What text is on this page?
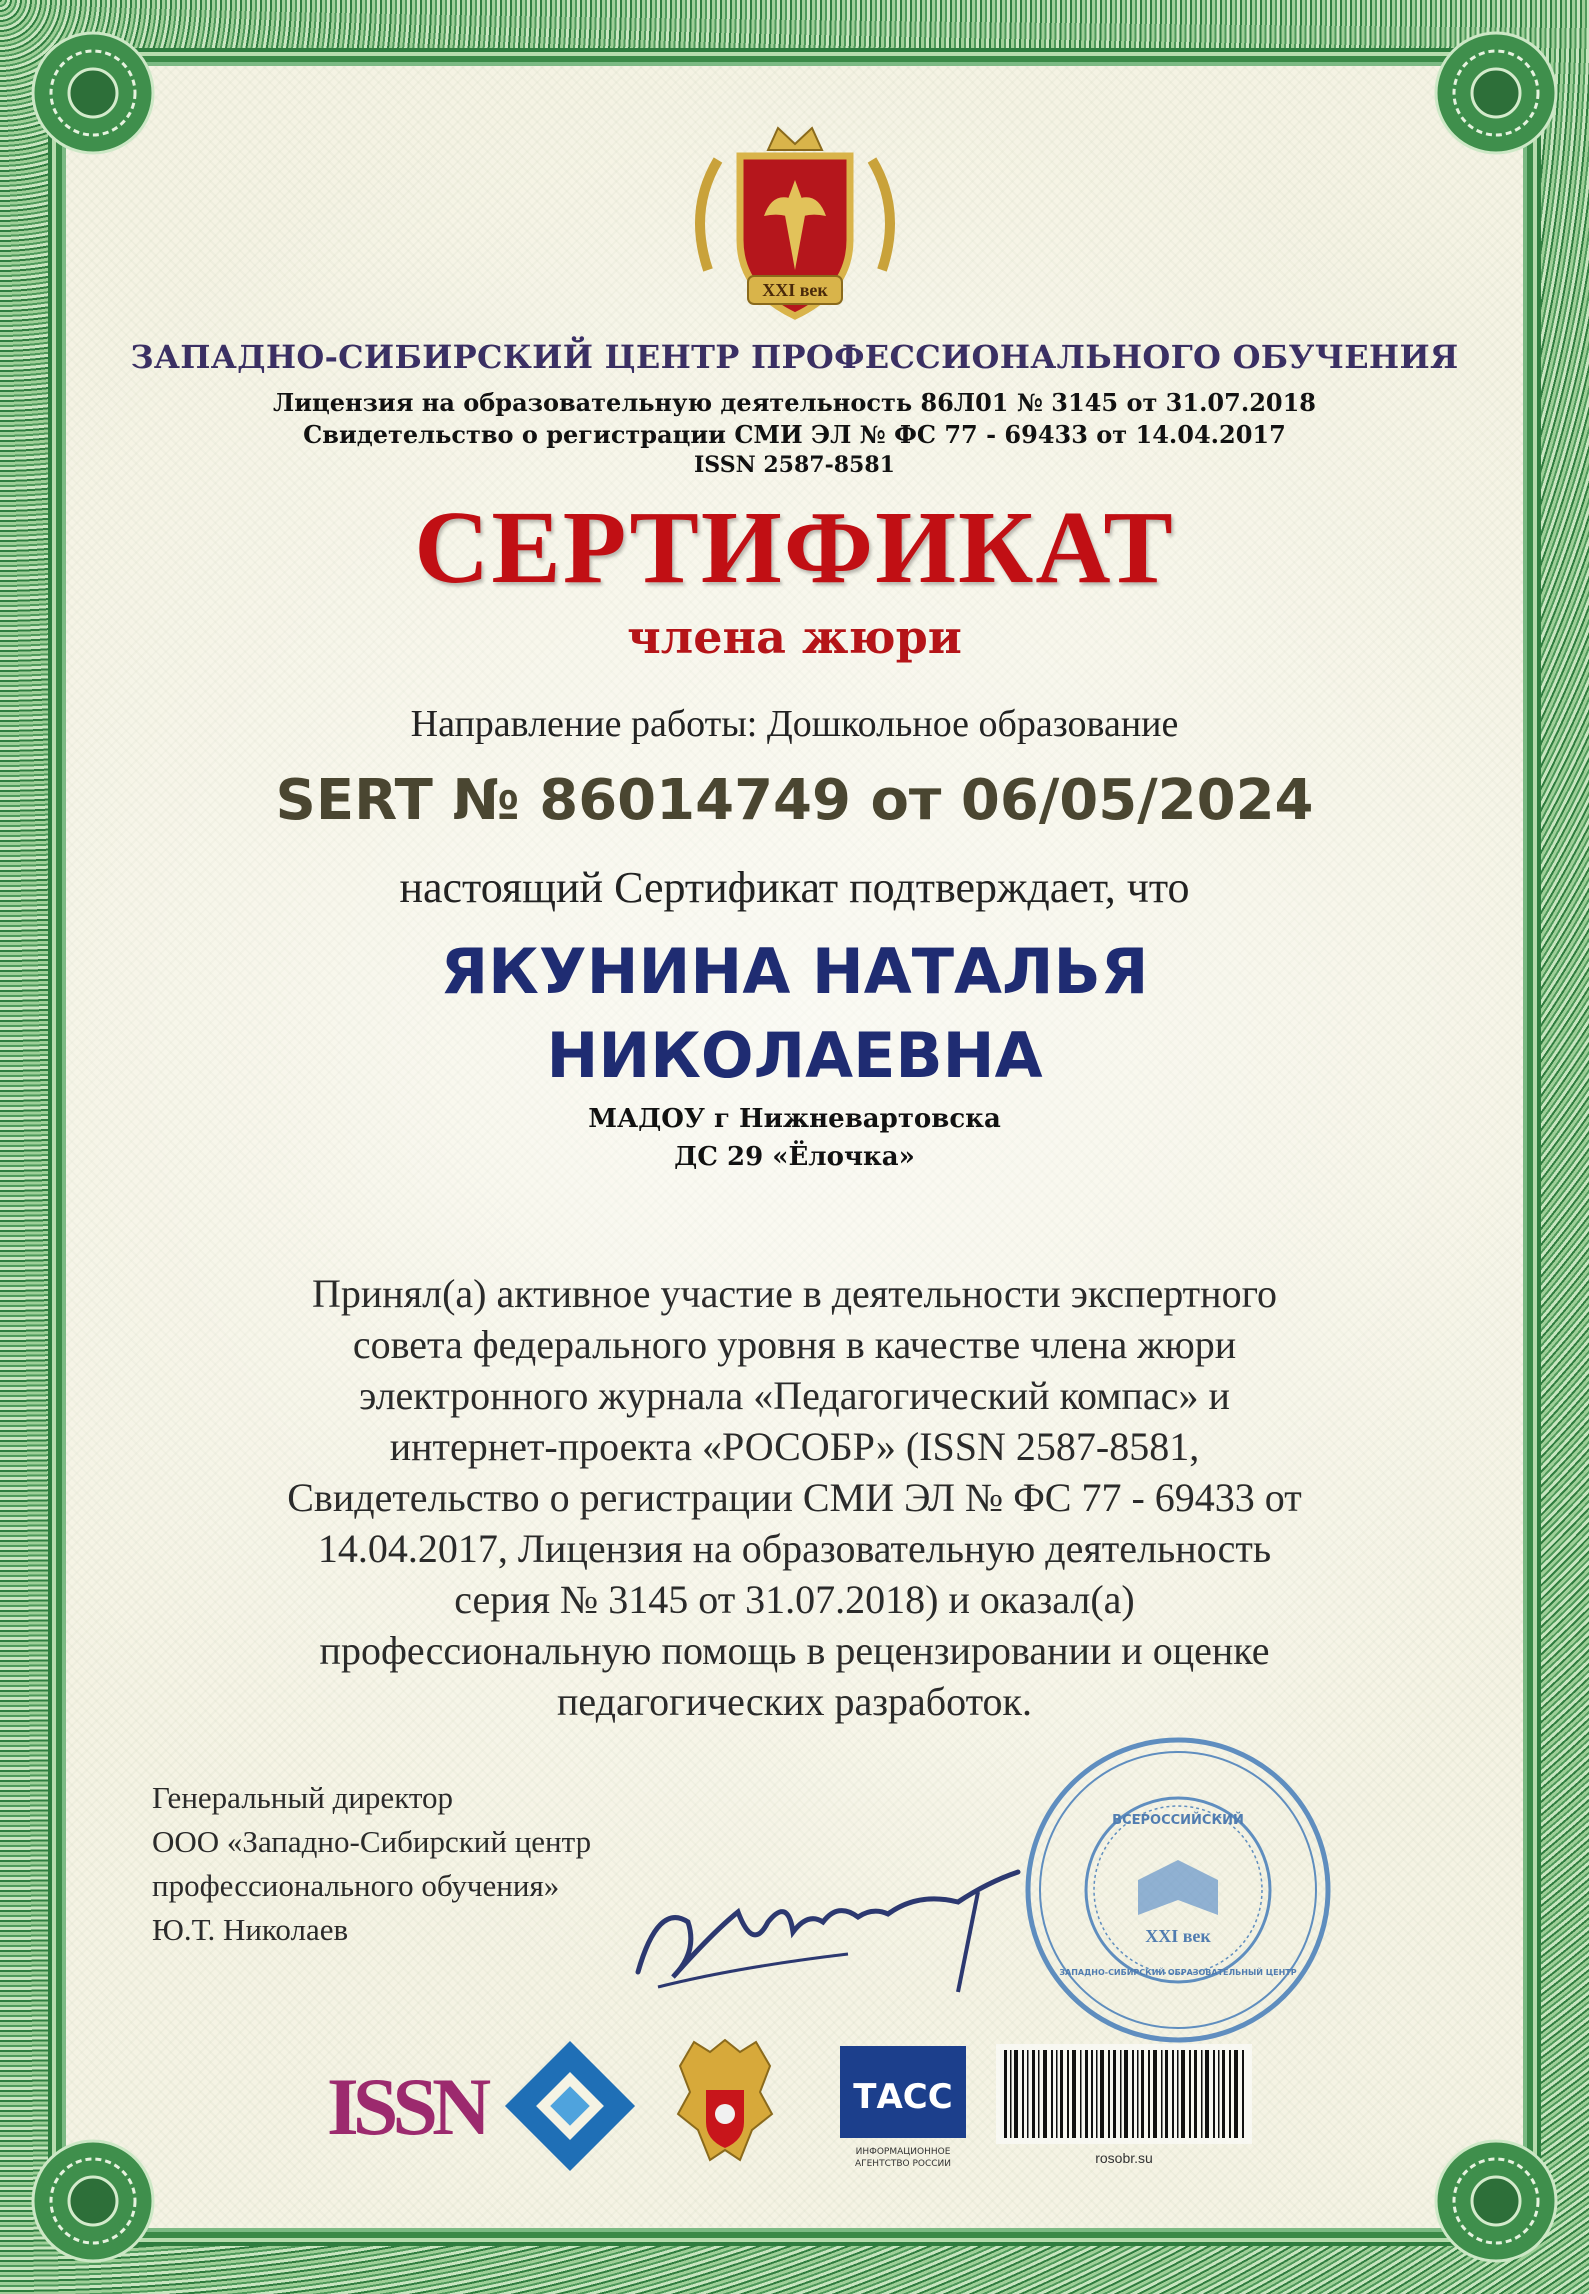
XXI век
ЗАПАДНО-СИБИРСКИЙ ЦЕНТР ПРОФЕССИОНАЛЬНОГО ОБУЧЕНИЯ
Лицензия на образовательную деятельность 86Л01 № 3145 от 31.07.2018
Свидетельство о регистрации СМИ ЭЛ № ФС 77 - 69433 от 14.04.2017
ISSN 2587-8581
СЕРТИФИКАТ
члена жюри
Направление работы: Дошкольное образование
SERT № 86014749 от 06/05/2024
настоящий Сертификат подтверждает, что
ЯКУНИНА НАТАЛЬЯ
НИКОЛАЕВНА
МАДОУ г Нижневартовска
ДС 29 «Ёлочка»
Принял(а) активное участие в деятельности экспертного
совета федерального уровня в качестве члена жюри
электронного журнала «Педагогический компас» и
интернет-проекта «РОСОБР» (ISSN 2587-8581,
Свидетельство о регистрации СМИ ЭЛ № ФС 77 - 69433 от
14.04.2017, Лицензия на образовательную деятельность
серия № 3145 от 31.07.2018) и оказал(а)
профессиональную помощь в рецензировании и оценке
педагогических разработок.
Генеральный директор
ООО «Западно-Сибирский центр
профессионального обучения»
Ю.Т. Николаев	XXI век
ВСЕРОССИЙСКИЙ
ЗАПАДНО-СИБИРСКИЙ ОБРАЗОВАТЕЛЬНЫЙ ЦЕНТР
ISSN	ТАСС
ИНФОРМАЦИОННОЕ
АГЕНТСТВО РОССИИ	rosobr.su
